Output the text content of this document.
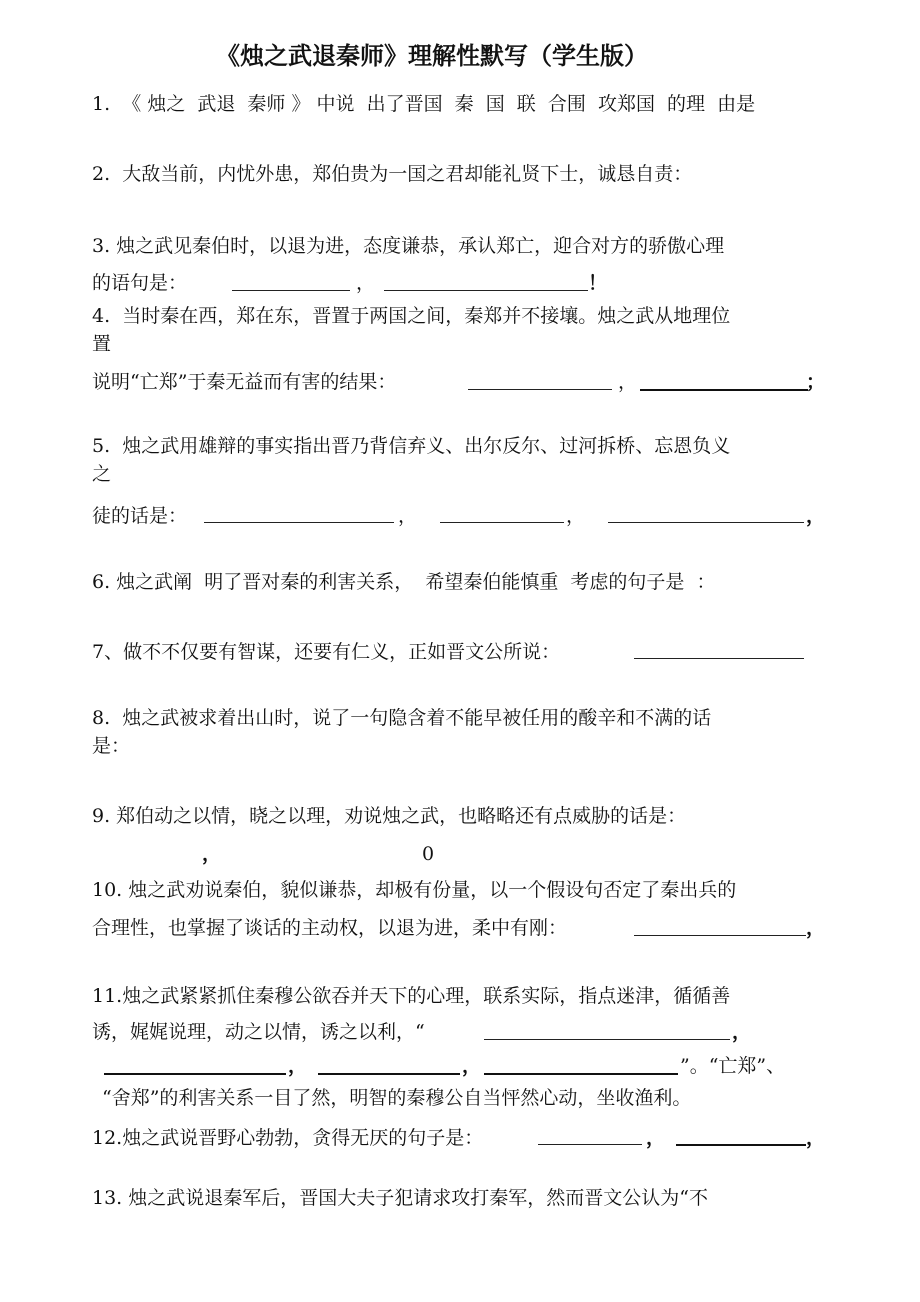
《烛之武退秦师》理解性默写（学生版）
1.  《 烛之  武退  秦师 》 中说  出了晋国  秦  国  联  合围  攻郑国  的理  由是
2.  大敌当前，内忧外患，郑伯贵为一国之君却能礼贤下士，诚恳自责：
3. 烛之武见秦伯时，以退为进，态度谦恭，承认郑亡，迎合对方的骄傲心理
的语句是：	，	！
4.  当时秦在西，郑在东，晋置于两国之间，秦郑并不接壤。烛之武从地理位
置
说明“亡郑”于秦无益而有害的结果：	，	；
5.  烛之武用雄辩的事实指出晋乃背信弃义、出尔反尔、过河拆桥、忘恩负义
之
徒的话是：	，	，	，
6. 烛之武阐  明了晋对秦的利害关系，  希望秦伯能慎重  考虑的句子是  ：
7、做不不仅要有智谋，还要有仁义，正如晋文公所说：
8.  烛之武被求着出山时，说了一句隐含着不能早被任用的酸辛和不满的话
是：
9. 郑伯动之以情，晓之以理，劝说烛之武，也略略还有点威胁的话是：
，	0
10. 烛之武劝说秦伯，貌似谦恭，却极有份量，以一个假设句否定了秦出兵的
合理性，也掌握了谈话的主动权，以退为进，柔中有刚：	，
11.烛之武紧紧抓住秦穆公欲吞并天下的心理，联系实际，指点迷津，循循善
诱，娓娓说理，动之以情，诱之以利，“	，
，	，	”。“亡郑”、
“舍郑”的利害关系一目了然，明智的秦穆公自当怦然心动，坐收渔利。
12.烛之武说晋野心勃勃，贪得无厌的句子是：	，	，
13. 烛之武说退秦军后，晋国大夫子犯请求攻打秦军，然而晋文公认为“不
